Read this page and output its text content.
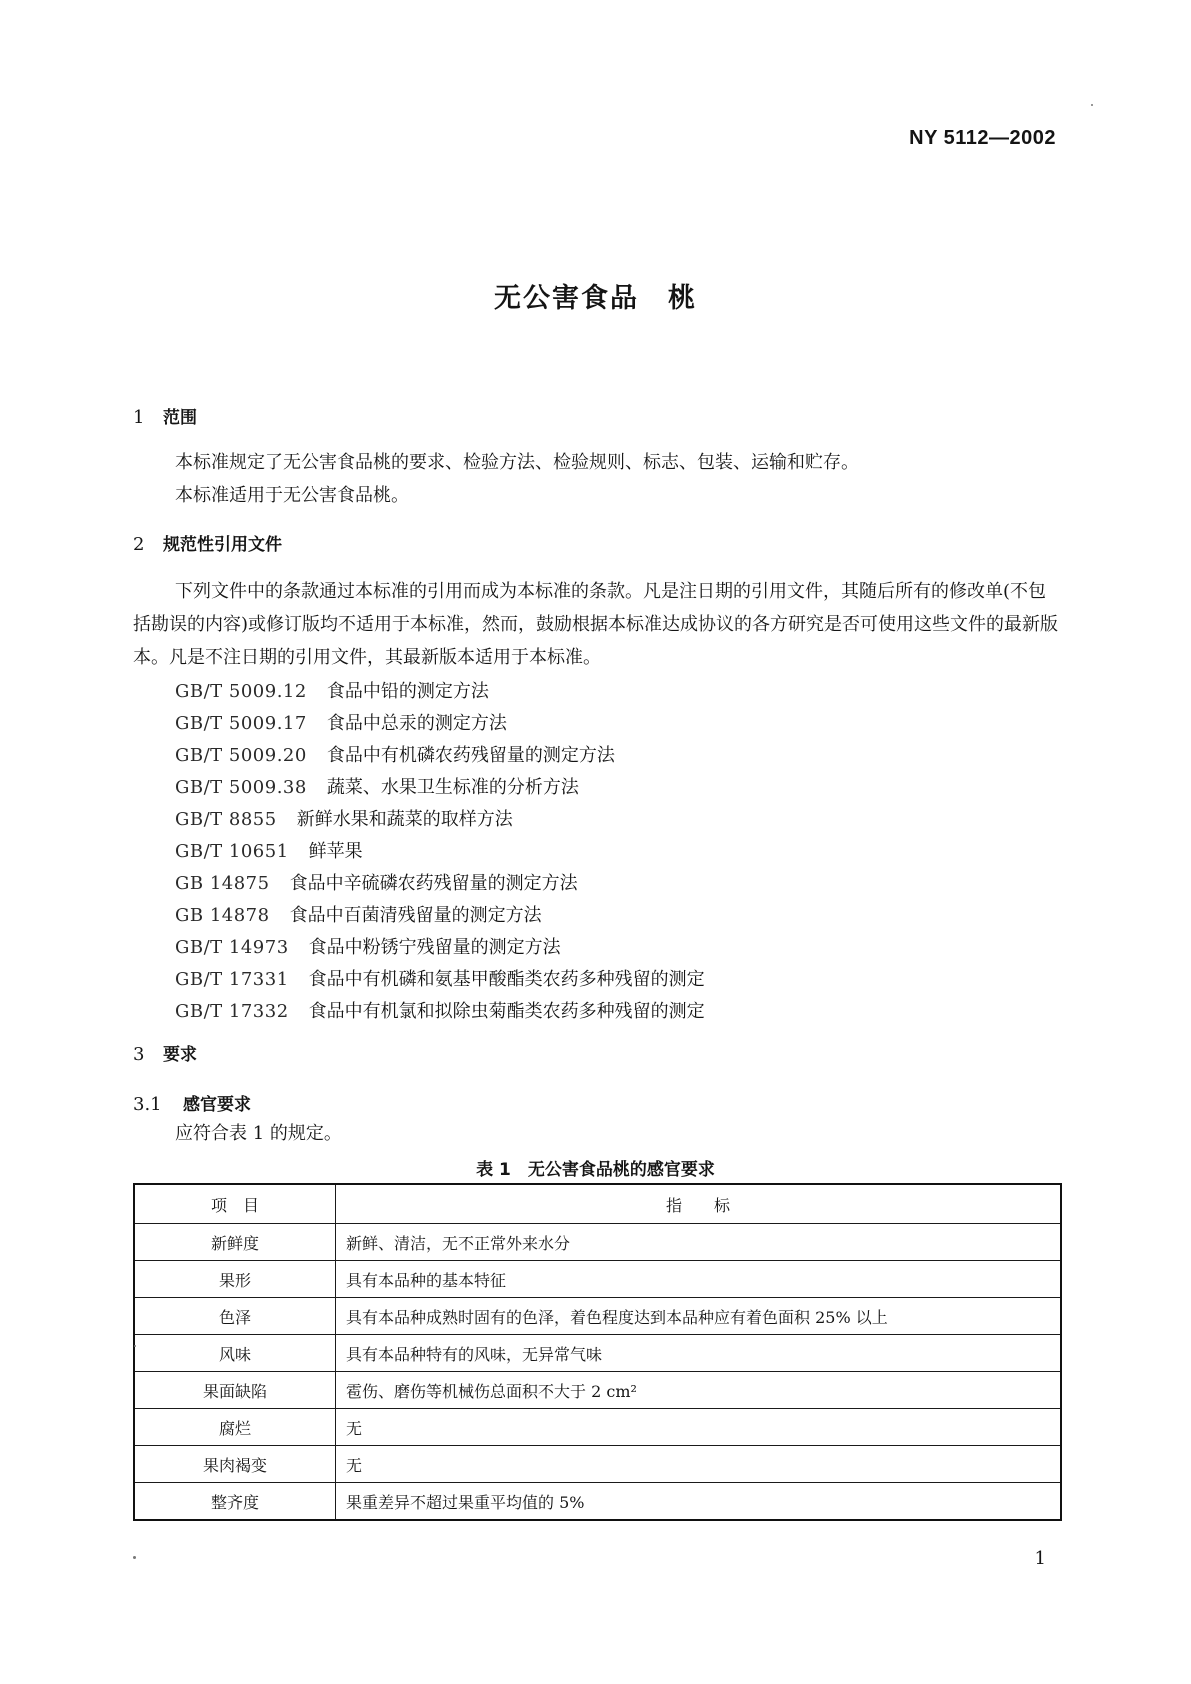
NY 5112—2002
无公害食品　桃
1 范围
本标准规定了无公害食品桃的要求、检验方法、检验规则、标志、包装、运输和贮存。
本标准适用于无公害食品桃。
2 规范性引用文件
下列文件中的条款通过本标准的引用而成为本标准的条款。凡是注日期的引用文件，其随后所有的修改单(不包括勘误的内容)或修订版均不适用于本标准，然而，鼓励根据本标准达成协议的各方研究是否可使用这些文件的最新版本。凡是不注日期的引用文件，其最新版本适用于本标准。
GB/T 5009.12 食品中铅的测定方法
GB/T 5009.17 食品中总汞的测定方法
GB/T 5009.20 食品中有机磷农药残留量的测定方法
GB/T 5009.38 蔬菜、水果卫生标准的分析方法
GB/T 8855 新鲜水果和蔬菜的取样方法
GB/T 10651 鲜苹果
GB 14875 食品中辛硫磷农药残留量的测定方法
GB 14878 食品中百菌清残留量的测定方法
GB/T 14973 食品中粉锈宁残留量的测定方法
GB/T 17331 食品中有机磷和氨基甲酸酯类农药多种残留的测定
GB/T 17332 食品中有机氯和拟除虫菊酯类农药多种残留的测定
3 要求
3.1 感官要求
应符合表 1 的规定。
表 1　无公害食品桃的感官要求
项　目	指　　标
新鲜度	新鲜、清洁，无不正常外来水分
果形	具有本品种的基本特征
色泽	具有本品种成熟时固有的色泽，着色程度达到本品种应有着色面积 25% 以上
风味	具有本品种特有的风味，无异常气味
果面缺陷	雹伤、磨伤等机械伤总面积不大于 2 cm²
腐烂	无
果肉褐变	无
整齐度	果重差异不超过果重平均值的 5%
1
